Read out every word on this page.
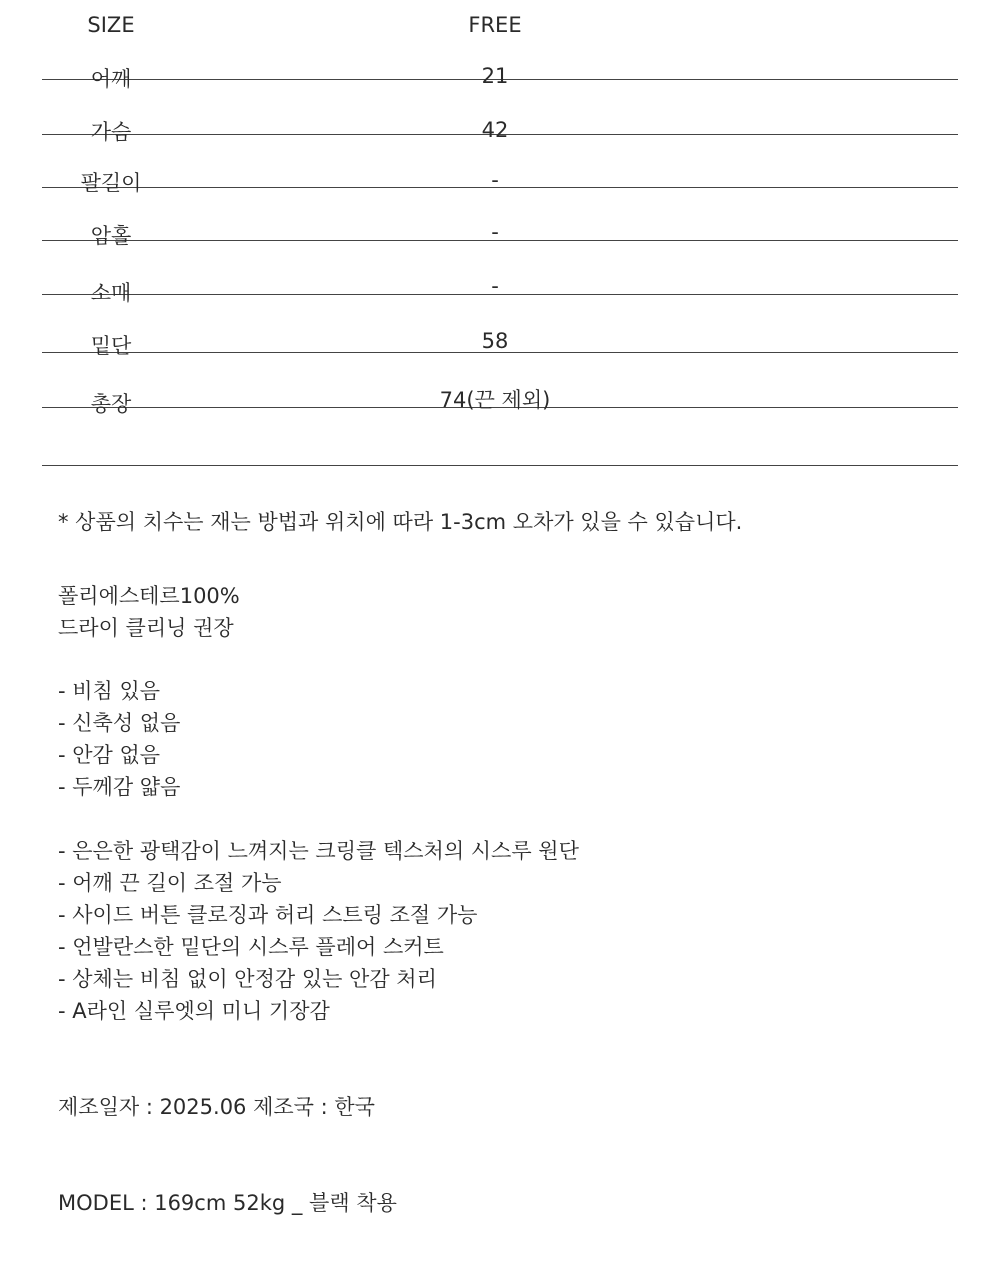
SIZE	FREE
어깨	21
가슴	42
팔길이	-
암홀	-
소매	-
밑단	58
총장	74(끈 제외)
* 상품의 치수는 재는 방법과 위치에 따라 1-3cm 오차가 있을 수 있습니다.
폴리에스테르100%
드라이 클리닝 권장
- 비침 있음
- 신축성 없음
- 안감 없음
- 두께감 얇음
- 은은한 광택감이 느껴지는 크링클 텍스처의 시스루 원단
- 어깨 끈 길이 조절 가능
- 사이드 버튼 클로징과 허리 스트링 조절 가능
- 언발란스한 밑단의 시스루 플레어 스커트
- 상체는 비침 없이 안정감 있는 안감 처리
- A라인 실루엣의 미니 기장감
제조일자 : 2025.06 제조국 : 한국
MODEL : 169cm 52kg _ 블랙 착용
